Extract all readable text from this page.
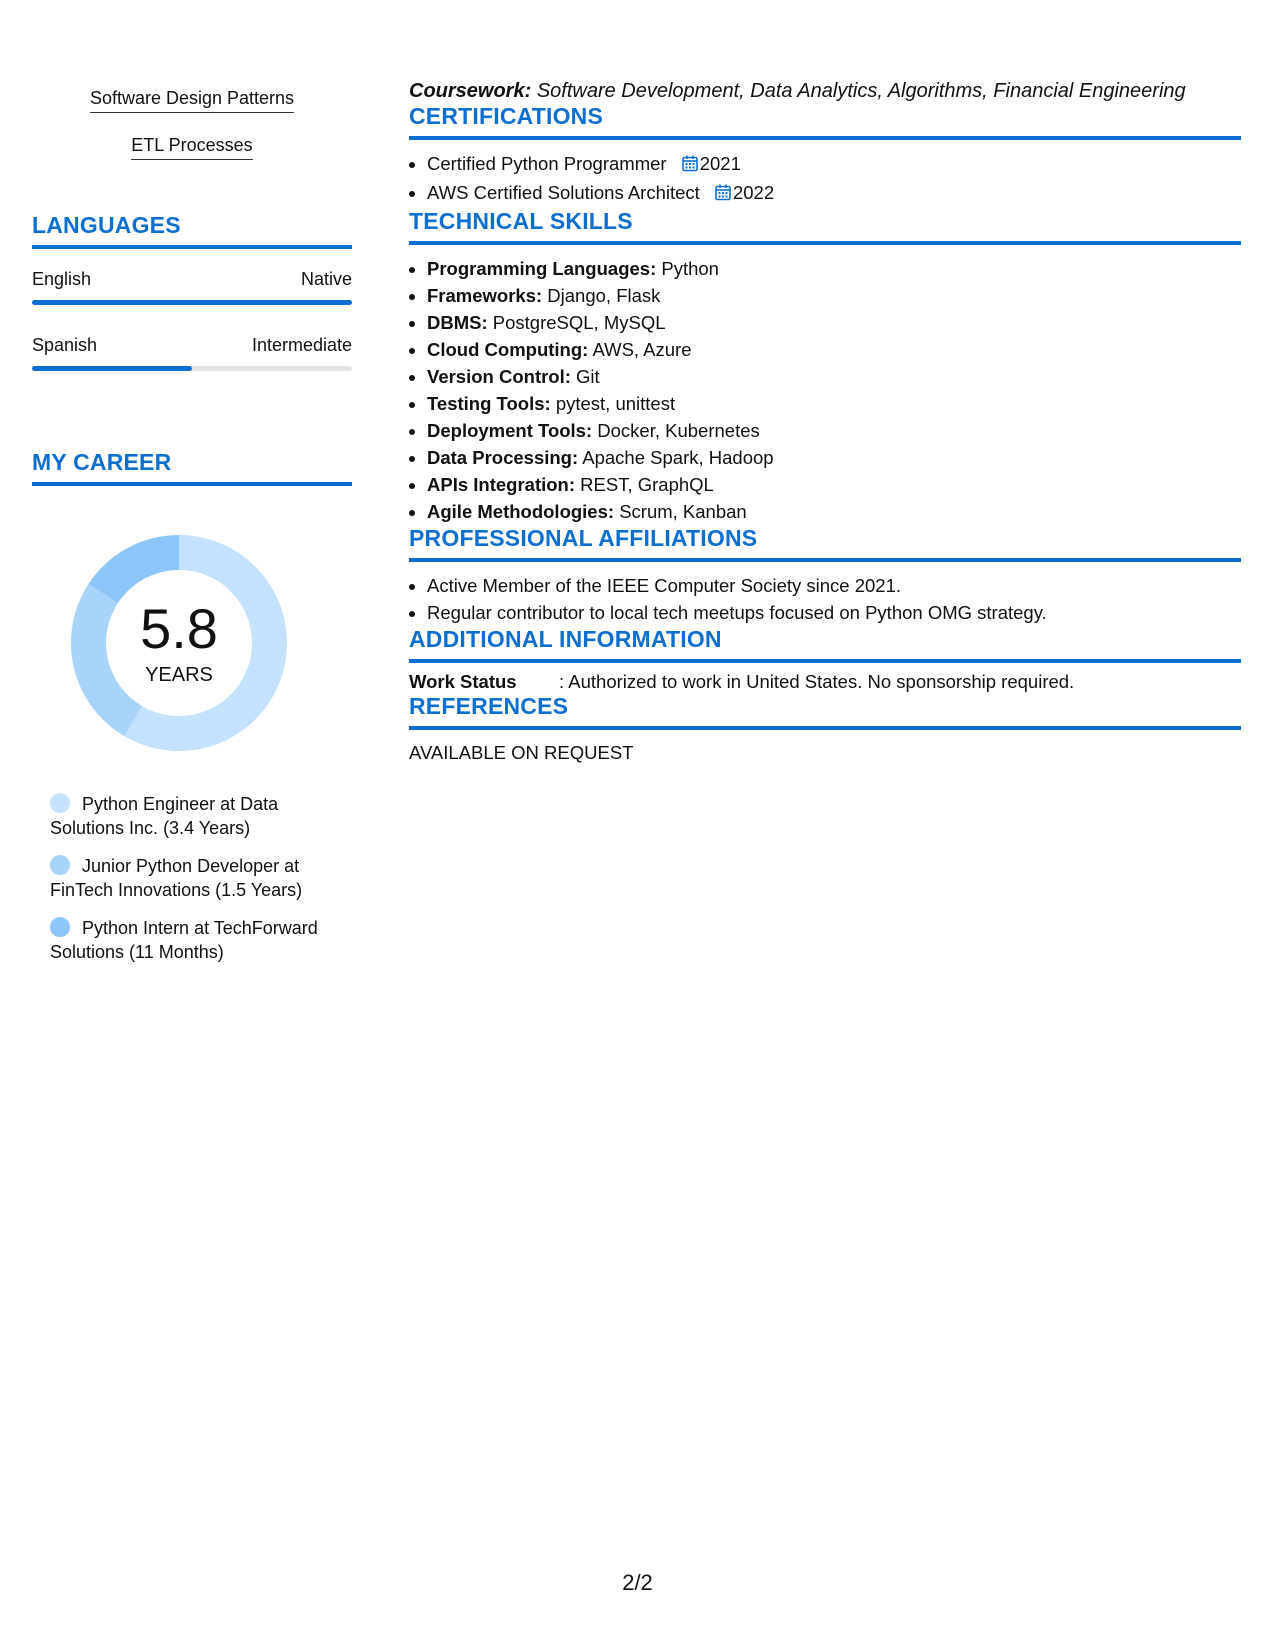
Software Design Patterns
ETL Processes
LANGUAGES
English	Native
Spanish	Intermediate
MY CAREER
5.8
YEARS
Python Engineer at Data Solutions Inc. (3.4 Years)
Junior Python Developer at FinTech Innovations (1.5 Years)
Python Intern at TechForward Solutions (11 Months)
Coursework: Software Development, Data Analytics, Algorithms, Financial Engineering
CERTIFICATIONS
• Certified Python Programmer 2021
• AWS Certified Solutions Architect 2022
TECHNICAL SKILLS
• Programming Languages: Python
• Frameworks: Django, Flask
• DBMS: PostgreSQL, MySQL
• Cloud Computing: AWS, Azure
• Version Control: Git
• Testing Tools: pytest, unittest
• Deployment Tools: Docker, Kubernetes
• Data Processing: Apache Spark, Hadoop
• APIs Integration: REST, GraphQL
• Agile Methodologies: Scrum, Kanban
PROFESSIONAL AFFILIATIONS
• Active Member of the IEEE Computer Society since 2021.
• Regular contributor to local tech meetups focused on Python OMG strategy.
ADDITIONAL INFORMATION
Work Status	: Authorized to work in United States. No sponsorship required.
REFERENCES
AVAILABLE ON REQUEST
2/2
